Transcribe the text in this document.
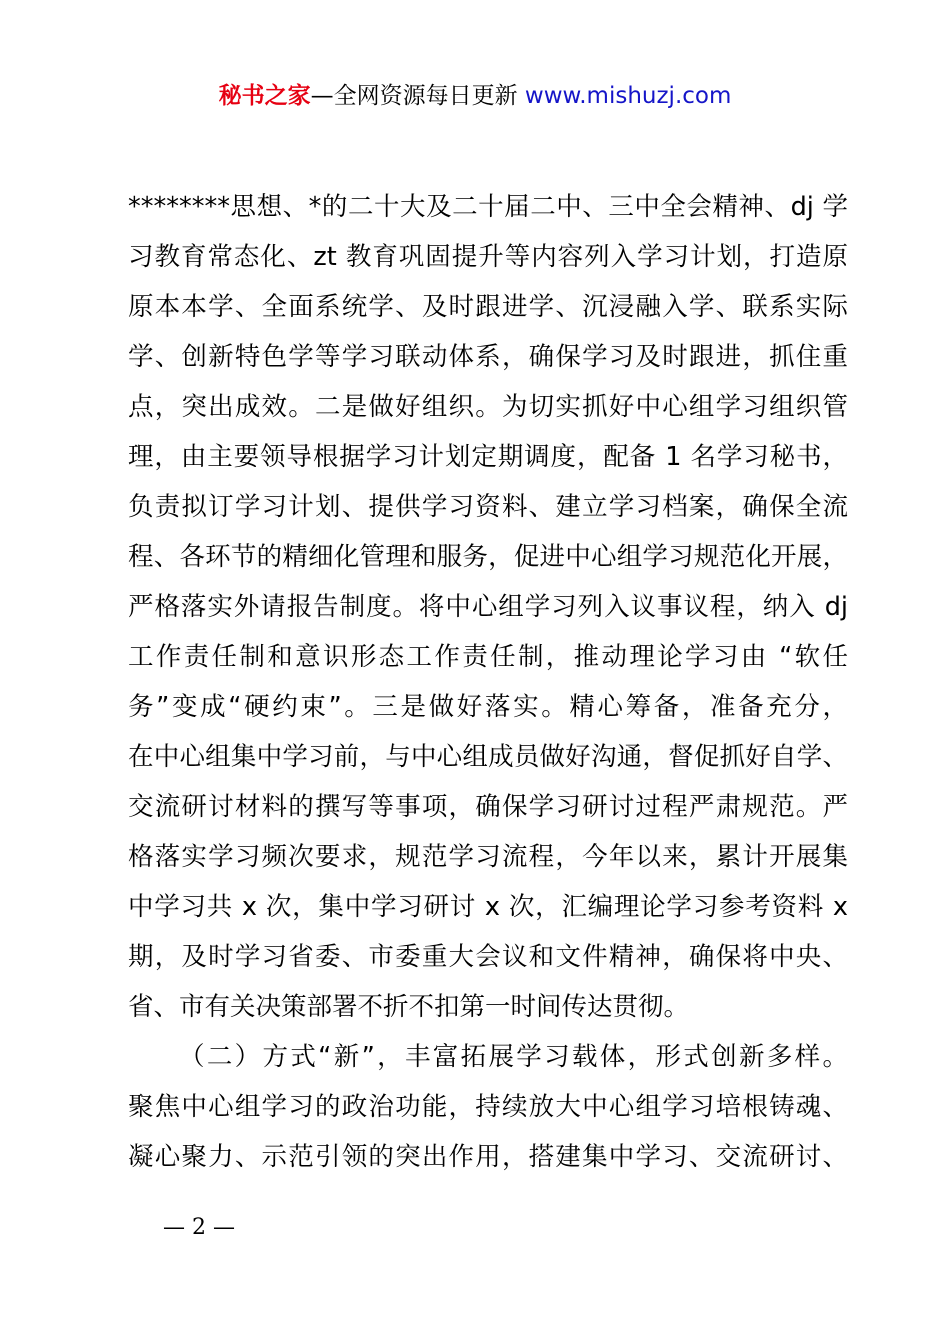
秘书之家—全网资源每日更新 www.mishuzj.com
********思想、*的二十大及二十届二中、三中全会精神、dj 学
习教育常态化、zt 教育巩固提升等内容列入学习计划，打造原
原本本学、全面系统学、及时跟进学、沉浸融入学、联系实际
学、创新特色学等学习联动体系，确保学习及时跟进，抓住重
点，突出成效。二是做好组织。为切实抓好中心组学习组织管
理，由主要领导根据学习计划定期调度，配备 1 名学习秘书，
负责拟订学习计划、提供学习资料、建立学习档案，确保全流
程、各环节的精细化管理和服务，促进中心组学习规范化开展，
严格落实外请报告制度。将中心组学习列入议事议程，纳入 dj
工作责任制和意识形态工作责任制，推动理论学习由 “软任
务”变成“硬约束”。三是做好落实。精心筹备，准备充分，
在中心组集中学习前，与中心组成员做好沟通，督促抓好自学、
交流研讨材料的撰写等事项，确保学习研讨过程严肃规范。严
格落实学习频次要求，规范学习流程，今年以来，累计开展集
中学习共 x 次，集中学习研讨 x 次，汇编理论学习参考资料 x
期，及时学习省委、市委重大会议和文件精神，确保将中央、
省、市有关决策部署不折不扣第一时间传达贯彻。
（二）方式“新”，丰富拓展学习载体，形式创新多样。
聚焦中心组学习的政治功能，持续放大中心组学习培根铸魂、
凝心聚力、示范引领的突出作用，搭建集中学习、交流研讨、
— 2 —
